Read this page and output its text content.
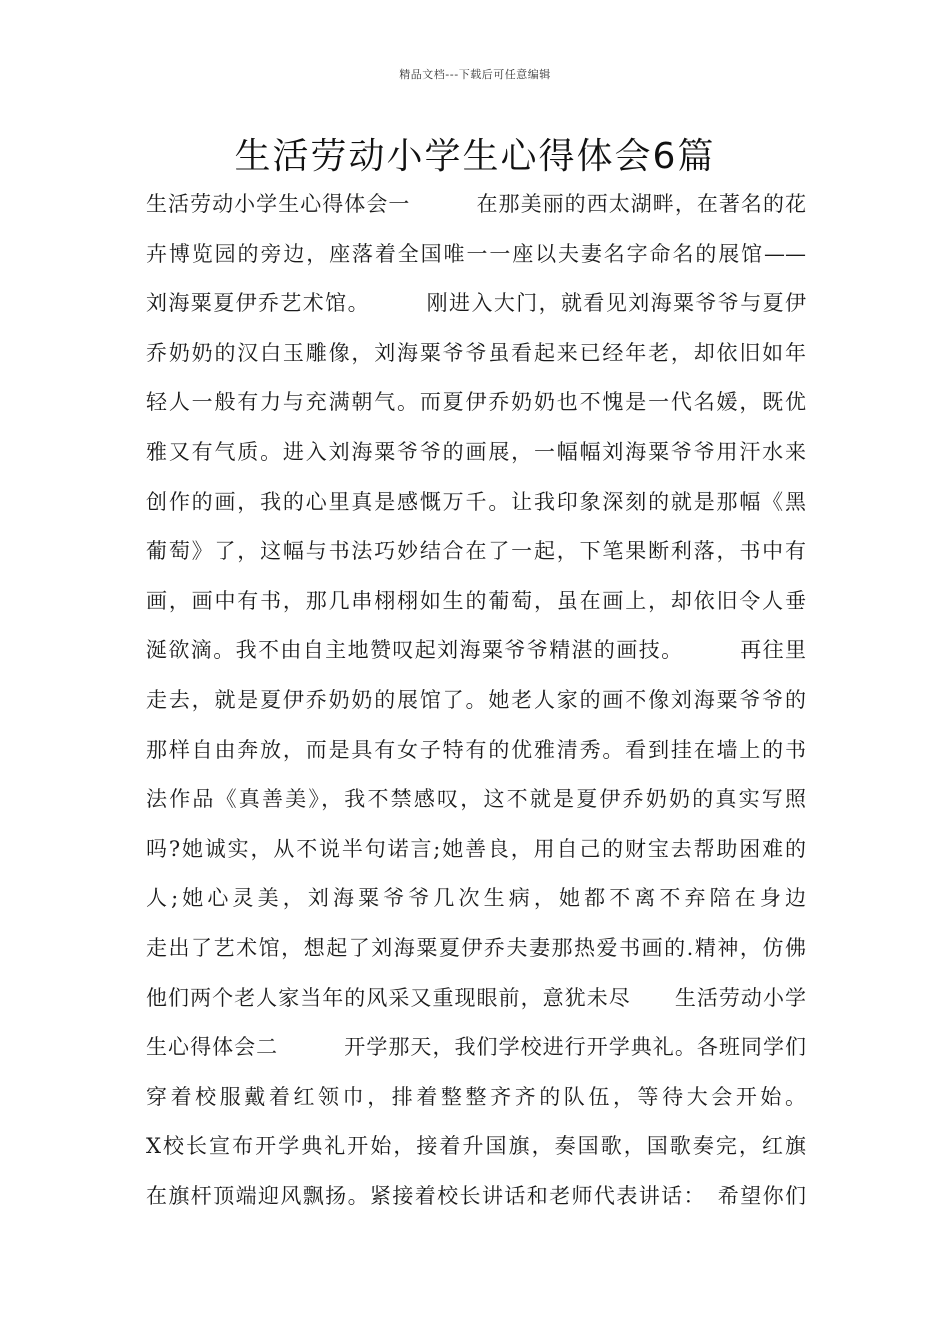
精品文档---下载后可任意编辑
生活劳动小学生心得体会6篇
生活劳动小学生心得体会一　　　在那美丽的西太湖畔，在著名的花
卉博览园的旁边，座落着全国唯一一座以夫妻名字命名的展馆——
刘海粟夏伊乔艺术馆。　　　刚进入大门，就看见刘海粟爷爷与夏伊
乔奶奶的汉白玉雕像，刘海粟爷爷虽看起来已经年老，却依旧如年
轻人一般有力与充满朝气。而夏伊乔奶奶也不愧是一代名媛，既优
雅又有气质。进入刘海粟爷爷的画展，一幅幅刘海粟爷爷用汗水来
创作的画，我的心里真是感慨万千。让我印象深刻的就是那幅《黑
葡萄》了，这幅与书法巧妙结合在了一起，下笔果断利落，书中有
画，画中有书，那几串栩栩如生的葡萄，虽在画上，却依旧令人垂
涎欲滴。我不由自主地赞叹起刘海粟爷爷精湛的画技。　　　再往里
走去，就是夏伊乔奶奶的展馆了。她老人家的画不像刘海粟爷爷的
那样自由奔放，而是具有女子特有的优雅清秀。看到挂在墙上的书
法作品《真善美》，我不禁感叹，这不就是夏伊乔奶奶的真实写照
吗?她诚实，从不说半句诺言;她善良，用自己的财宝去帮助困难的
人;她心灵美，刘海粟爷爷几次生病，她都不离不弃陪在身边
走出了艺术馆，想起了刘海粟夏伊乔夫妻那热爱书画的.精神，仿佛
他们两个老人家当年的风采又重现眼前，意犹未尽　　生活劳动小学
生心得体会二　　　开学那天，我们学校进行开学典礼。各班同学们
穿着校服戴着红领巾，排着整整齐齐的队伍，等待大会开始。
X校长宣布开学典礼开始，接着升国旗，奏国歌，国歌奏完，红旗
在旗杆顶端迎风飘扬。紧接着校长讲话和老师代表讲话：　希望你们
